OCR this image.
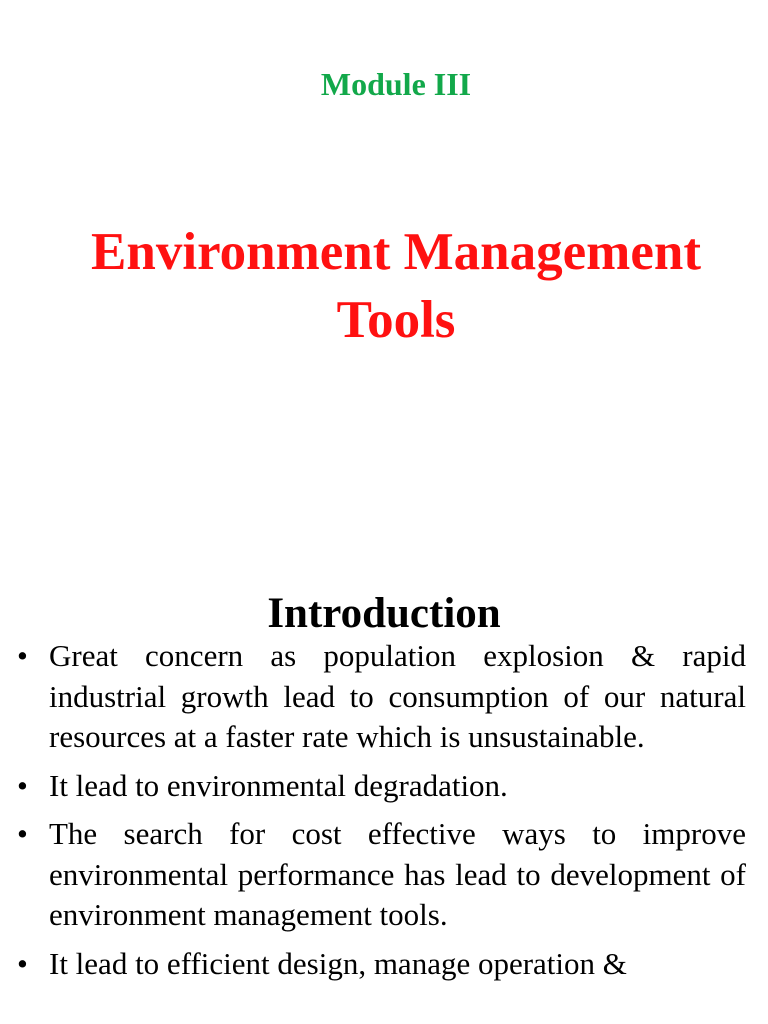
Module III
Environment Management
Tools
Introduction
• Great concern as population explosion & rapid industrial growth lead to consumption of our natural resources at a faster rate which is unsustainable.
• It lead to environmental degradation.
• The search for cost effective ways to improve environmental performance has lead to development of environment management tools.
• It lead to efficient design, manage operation &
